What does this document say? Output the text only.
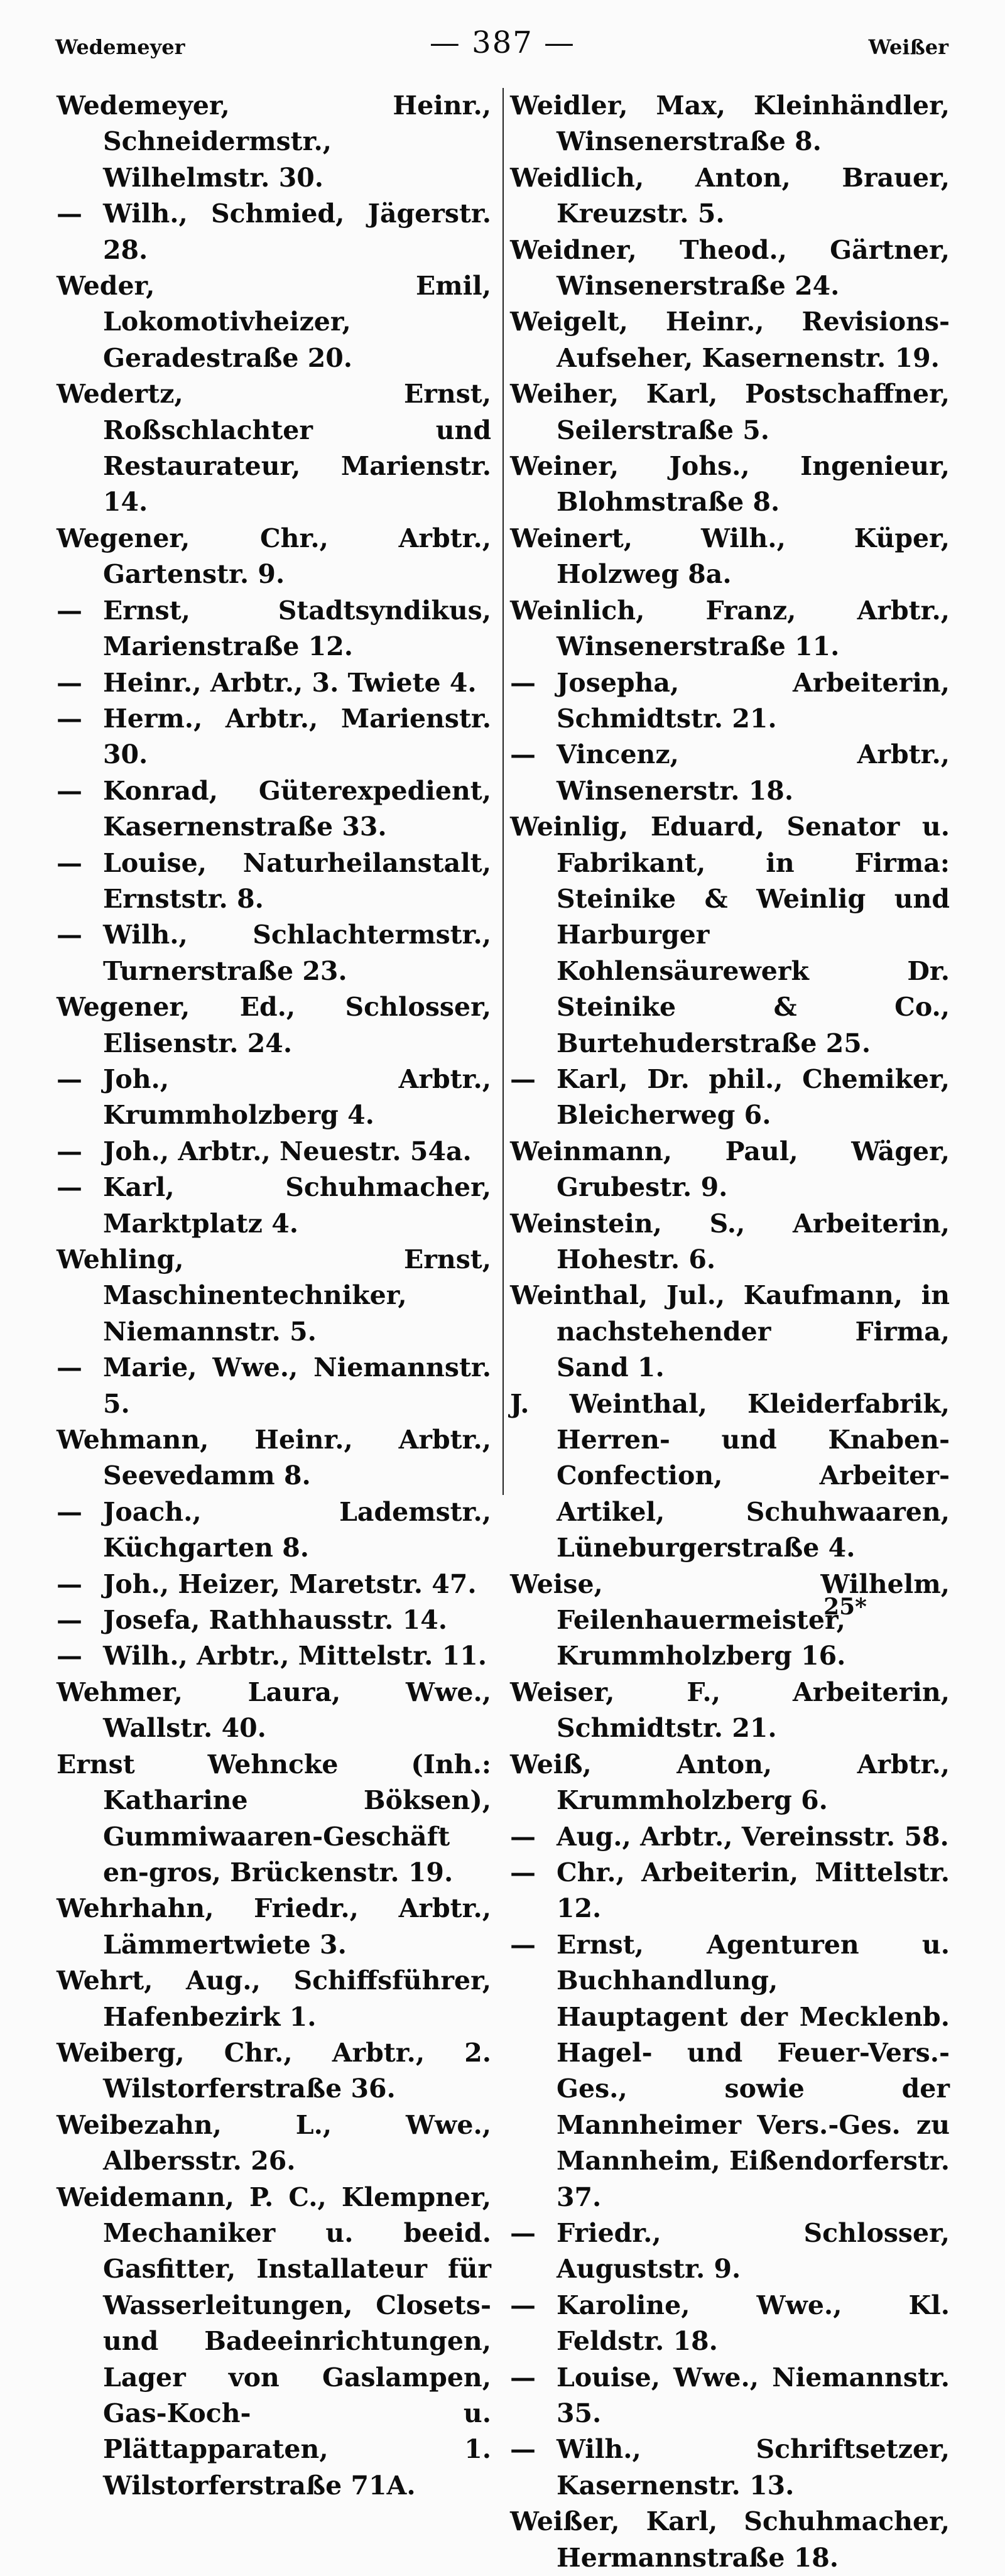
Wedemeyer	— 387 —	Weißer
Wedemeyer, Heinr., Schneidermstr., Wilhelmstr. 30.
— Wilh., Schmied, Jägerstr. 28.
Weder, Emil, Lokomotivheizer, Geradestraße 20.
Wedertz, Ernst, Roßschlachter und Restaurateur, Marienstr. 14.
Wegener, Chr., Arbtr., Gartenstr. 9.
— Ernst, Stadtsyndikus, Marienstraße 12.
— Heinr., Arbtr., 3. Twiete 4.
— Herm., Arbtr., Marienstr. 30.
— Konrad, Güterexpedient, Kasernenstraße 33.
— Louise, Naturheilanstalt, Ernststr. 8.
— Wilh., Schlachtermstr., Turnerstraße 23.
Wegener, Ed., Schlosser, Elisenstr. 24.
— Joh., Arbtr., Krummholzberg 4.
— Joh., Arbtr., Neuestr. 54a.
— Karl, Schuhmacher, Marktplatz 4.
Wehling, Ernst, Maschinentechniker, Niemannstr. 5.
— Marie, Wwe., Niemannstr. 5.
Wehmann, Heinr., Arbtr., Seevedamm 8.
— Joach., Lademstr., Küchgarten 8.
— Joh., Heizer, Maretstr. 47.
— Josefa, Rathhausstr. 14.
— Wilh., Arbtr., Mittelstr. 11.
Wehmer, Laura, Wwe., Wallstr. 40.
Ernst Wehncke (Inh.: Katharine Böksen), Gummiwaaren-Geschäft en-gros, Brückenstr. 19.
Wehrhahn, Friedr., Arbtr., Lämmertwiete 3.
Wehrt, Aug., Schiffsführer, Hafenbezirk 1.
Weiberg, Chr., Arbtr., 2. Wilstorferstraße 36.
Weibezahn, L., Wwe., Albersstr. 26.
Weidemann, P. C., Klempner, Mechaniker u. beeid. Gasfitter, Installateur für Wasserleitungen, Closets- und Badeeinrichtungen, Lager von Gaslampen, Gas-Koch- u. Plättapparaten, 1. Wilstorferstraße 71A.
Weidler, Max, Kleinhändler, Winsenerstraße 8.
Weidlich, Anton, Brauer, Kreuzstr. 5.
Weidner, Theod., Gärtner, Winsenerstraße 24.
Weigelt, Heinr., Revisions-Aufseher, Kasernenstr. 19.
Weiher, Karl, Postschaffner, Seilerstraße 5.
Weiner, Johs., Ingenieur, Blohmstraße 8.
Weinert, Wilh., Küper, Holzweg 8a.
Weinlich, Franz, Arbtr., Winsenerstraße 11.
— Josepha, Arbeiterin, Schmidtstr. 21.
— Vincenz, Arbtr., Winsenerstr. 18.
Weinlig, Eduard, Senator u. Fabrikant, in Firma: Steinike & Weinlig und Harburger Kohlensäurewerk Dr. Steinike & Co., Burtehuderstraße 25.
— Karl, Dr. phil., Chemiker, Bleicherweg 6.
Weinmann, Paul, Wäger, Grubestr. 9.
Weinstein, S., Arbeiterin, Hohestr. 6.
Weinthal, Jul., Kaufmann, in nachstehender Firma, Sand 1.
J. Weinthal, Kleiderfabrik, Herren- und Knaben-Confection, Arbeiter-Artikel, Schuhwaaren, Lüneburgerstraße 4.
Weise, Wilhelm, Feilenhauermeister, Krummholzberg 16.
Weiser, F., Arbeiterin, Schmidtstr. 21.
Weiß, Anton, Arbtr., Krummholzberg 6.
— Aug., Arbtr., Vereinsstr. 58.
— Chr., Arbeiterin, Mittelstr. 12.
— Ernst, Agenturen u. Buchhandlung, Hauptagent der Mecklenb. Hagel- und Feuer-Vers.-Ges., sowie der Mannheimer Vers.-Ges. zu Mannheim, Eißendorferstr. 37.
— Friedr., Schlosser, Auguststr. 9.
— Karoline, Wwe., Kl. Feldstr. 18.
— Louise, Wwe., Niemannstr. 35.
— Wilh., Schriftsetzer, Kasernenstr. 13.
Weißer, Karl, Schuhmacher, Hermannstraße 18.
25*
